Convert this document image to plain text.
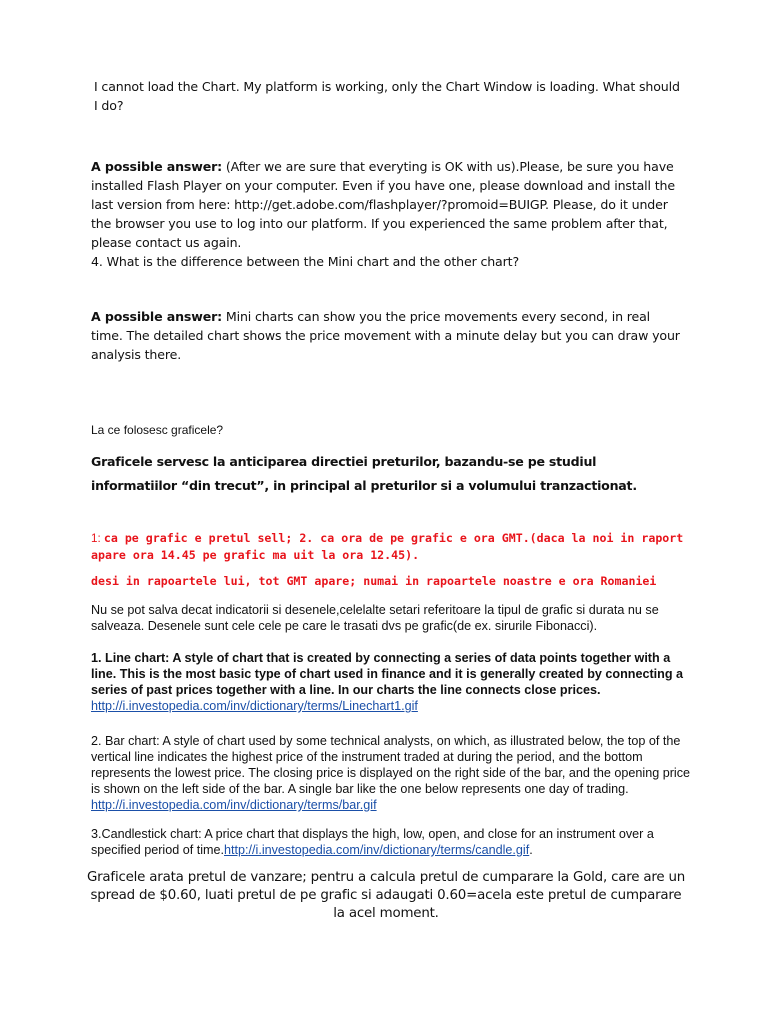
I cannot load the Chart. My platform is working, only the Chart Window is loading. What should I do?

A possible answer: (After we are sure that everyting is OK with us).Please, be sure you have installed Flash Player on your computer. Even if you have one, please download and install the last version from here: http://get.adobe.com/flashplayer/?promoid=BUIGP. Please, do it under the browser you use to log into our platform. If you experienced the same problem after that, please contact us again.

4. What is the difference between the Mini chart and the other chart?

A possible answer: Mini charts can show you the price movements every second, in real time. The detailed chart shows the price movement with a minute delay but you can draw your analysis there.

La ce folosesc graficele?

Graficele servesc la anticiparea directiei preturilor, bazandu-se pe studiul informatiilor “din trecut”, in principal al preturilor si a volumului tranzactionat.

1: ca pe grafic e pretul sell; 2. ca ora de pe grafic e ora GMT.(daca la noi in raport apare ora 14.45 pe grafic ma uit la ora 12.45).

desi in rapoartele lui, tot GMT apare; numai in rapoartele noastre e ora Romaniei

Nu se pot salva decat indicatorii si desenele,celelalte setari referitoare la tipul de grafic si durata nu se salveaza. Desenele sunt cele cele pe care le trasati dvs pe grafic(de ex. sirurile Fibonacci).

1. Line chart: A style of chart that is created by connecting a series of data points together with a line. This is the most basic type of chart used in finance and it is generally created by connecting a series of past prices together with a line. In our charts the line connects close prices.
http://i.investopedia.com/inv/dictionary/terms/Linechart1.gif

2. Bar chart: A style of chart used by some technical analysts, on which, as illustrated below, the top of the vertical line indicates the highest price of the instrument traded at during the period, and the bottom represents the lowest price. The closing price is displayed on the right side of the bar, and the opening price is shown on the left side of the bar. A single bar like the one below represents one day of trading. http://i.investopedia.com/inv/dictionary/terms/bar.gif

3.Candlestick chart: A price chart that displays the high, low, open, and close for an instrument over a specified period of time.http://i.investopedia.com/inv/dictionary/terms/candle.gif.

Graficele arata pretul de vanzare; pentru a calcula pretul de cumparare la Gold, care are un spread de $0.60, luati pretul de pe grafic si adaugati 0.60=acela este pretul de cumparare la acel moment.
